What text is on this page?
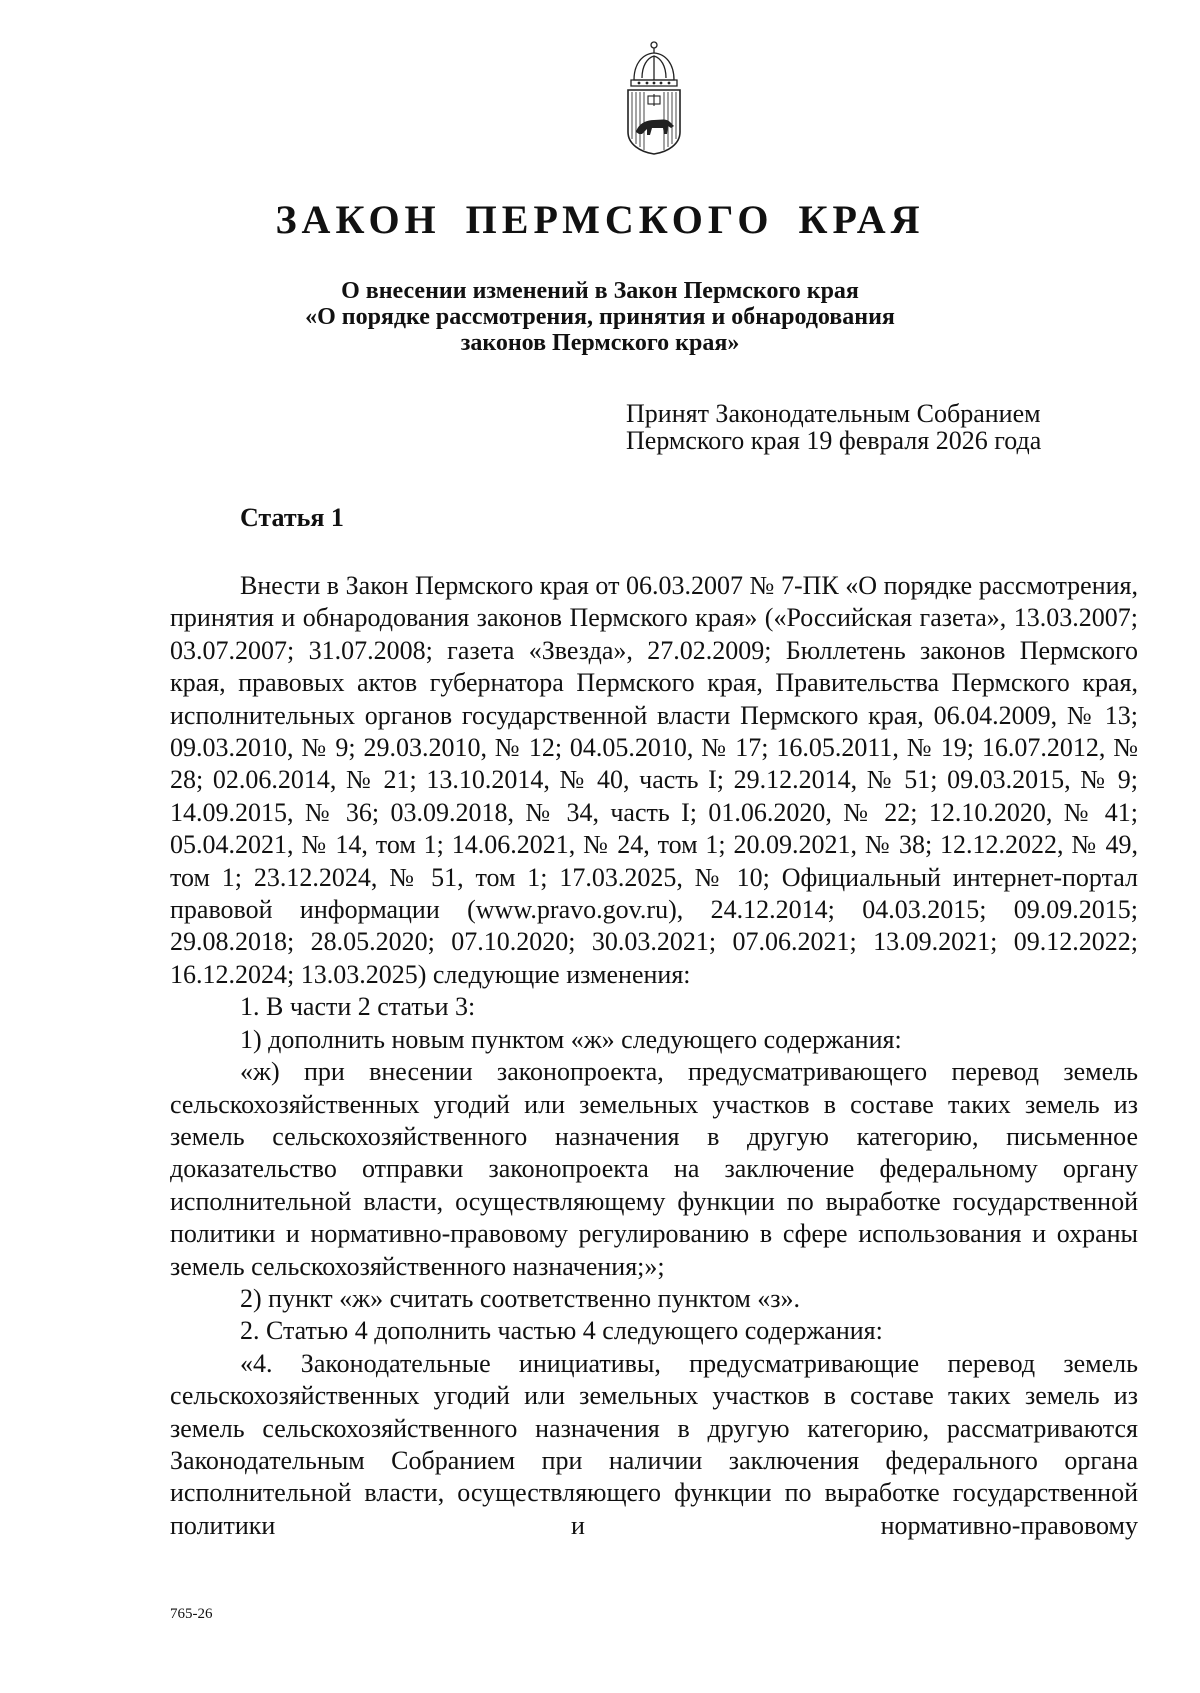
ЗАКОН ПЕРМСКОГО КРАЯ
О внесении изменений в Закон Пермского края
«О порядке рассмотрения, принятия и обнародования
законов Пермского края»
Принят Законодательным Собранием
Пермского края 19 февраля 2026 года
Статья 1

Внести в Закон Пермского края от 06.03.2007 № 7-ПК «О порядке рассмотрения, принятия и обнародования законов Пермского края» («Российская газета», 13.03.2007; 03.07.2007; 31.07.2008; газета «Звезда», 27.02.2009; Бюллетень законов Пермского края, правовых актов губернатора Пермского края, Правительства Пермского края, исполнительных органов государственной власти Пермского края, 06.04.2009, № 13; 09.03.2010, № 9; 29.03.2010, № 12; 04.05.2010, № 17; 16.05.2011, № 19; 16.07.2012, № 28; 02.06.2014, № 21; 13.10.2014, № 40, часть I; 29.12.2014, № 51; 09.03.2015, № 9; 14.09.2015, № 36; 03.09.2018, № 34, часть I; 01.06.2020, № 22; 12.10.2020, № 41; 05.04.2021, № 14, том 1; 14.06.2021, № 24, том 1; 20.09.2021, № 38; 12.12.2022, № 49, том 1; 23.12.2024, № 51, том 1; 17.03.2025, № 10; Официальный интернет-портал правовой информации (www.pravo.gov.ru), 24.12.2014; 04.03.2015; 09.09.2015; 29.08.2018; 28.05.2020; 07.10.2020; 30.03.2021; 07.06.2021; 13.09.2021; 09.12.2022; 16.12.2024; 13.03.2025) следующие изменения:

1. В части 2 статьи 3:

1) дополнить новым пунктом «ж» следующего содержания:

«ж) при внесении законопроекта, предусматривающего перевод земель сельскохозяйственных угодий или земельных участков в составе таких земель из земель сельскохозяйственного назначения в другую категорию, письменное доказательство отправки законопроекта на заключение федеральному органу исполнительной власти, осуществляющему функции по выработке государственной политики и нормативно-правовому регулированию в сфере использования и охраны земель сельскохозяйственного назначения;»;

2) пункт «ж» считать соответственно пунктом «з».

2. Статью 4 дополнить частью 4 следующего содержания:

«4. Законодательные инициативы, предусматривающие перевод земель сельскохозяйственных угодий или земельных участков в составе таких земель из земель сельскохозяйственного назначения в другую категорию, рассматриваются Законодательным Собранием при наличии заключения федерального органа исполнительной власти, осуществляющего функции по выработке государственной политики и нормативно-правовому

765-26
